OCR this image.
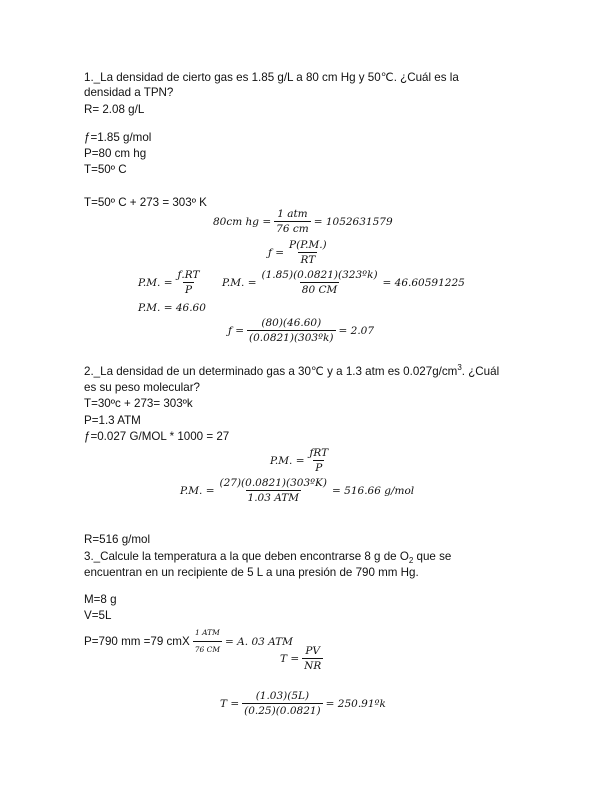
1._La densidad de cierto gas es 1.85 g/L a 80 cm Hg y 50℃. ¿Cuál es la
densidad a TPN?
R= 2.08 g/L
ƒ=1.85 g/mol
P=80 cm hg
T=50º C
T=50º C + 273 = 303º K
80cm hg = $\frac{\text{1 atm}}{76 cm} = 1052631579$
ƒ = $\frac{P(P.M.)}{RT}$
P.M. = $\frac{ƒ.RT}{P} P.M$. = $\frac{\text{(1.85)(0.0821)(323ºk)}}{80 CM} = 46.60591225$
P.M. = 46.60
ƒ = $\frac{(80)(46.60)}{\text{(0.0821)(303ºk)}} = 2.07$
2._La densidad de un determinado gas a 30℃ y a 1.3 atm es $0.027g/cm^3$. ¿Cuál
es su peso molecular?
T=30ºc + 273= 303ºk
P=1.3 ATM
ƒ=0.027 G/MOL * 1000 = 27
P.M. = $\frac{\text{ƒRT}}{P}$
P.M. = $\frac{\text{(27)(0.0821)(303ºK)}}{\text{1.03 ATM}} = 516.66$ g/mol
R=516 g/mol
3._Calcule la temperatura a la que deben encontrarse 8 g de $O_2$ que se
encuentran en un recipiente de 5 L a una presión de 790 mm Hg.
M=8 g
V=5L
P=790 mm =79 cmX $\frac{\text{1 ATM}}{76 CM} = A$. 03 ATM
$T = \frac{PV}{NR}$
$T = \frac{(1.03)(5L)}{(0.25)(0.0821)}$ = 250.91ºk
